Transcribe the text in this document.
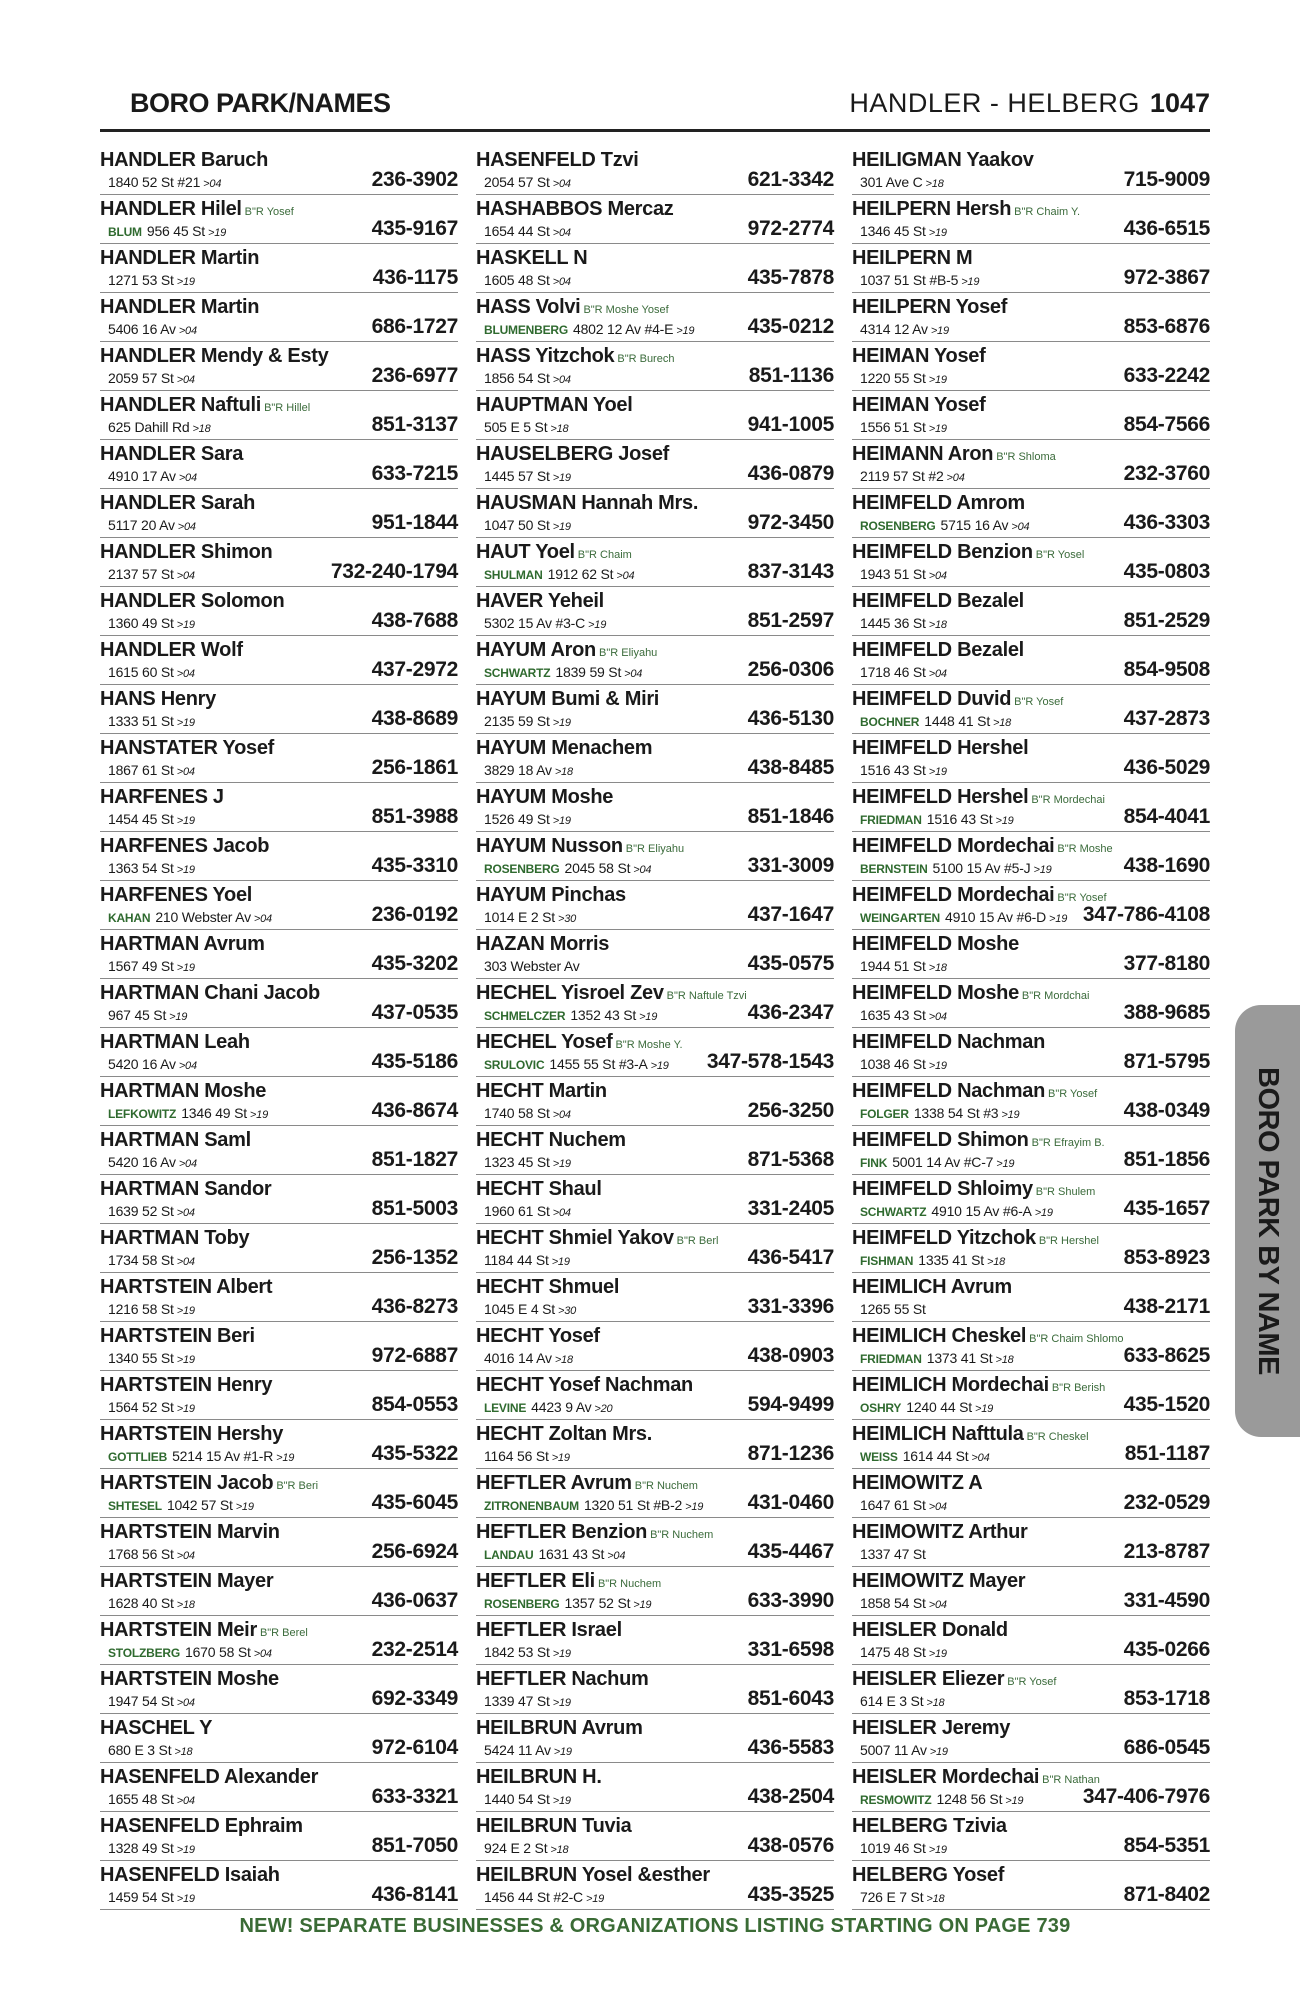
BORO PARK/NAMES	HANDLER - HELBERG 1047
HANDLER Baruch
1840 52 St #21 >04	236-3902
HANDLER Hilel B"R Yosef
BLUM 956 45 St >19	435-9167
HANDLER Martin
1271 53 St >19	436-1175
HANDLER Martin
5406 16 Av >04	686-1727
HANDLER Mendy & Esty
2059 57 St >04	236-6977
HANDLER Naftuli B"R Hillel
625 Dahill Rd >18	851-3137
HANDLER Sara
4910 17 Av >04	633-7215
HANDLER Sarah
5117 20 Av >04	951-1844
HANDLER Shimon
2137 57 St >04	732-240-1794
HANDLER Solomon
1360 49 St >19	438-7688
HANDLER Wolf
1615 60 St >04	437-2972
HANS Henry
1333 51 St >19	438-8689
HANSTATER Yosef
1867 61 St >04	256-1861
HARFENES J
1454 45 St >19	851-3988
HARFENES Jacob
1363 54 St >19	435-3310
HARFENES Yoel
KAHAN 210 Webster Av >04	236-0192
HARTMAN Avrum
1567 49 St >19	435-3202
HARTMAN Chani Jacob
967 45 St >19	437-0535
HARTMAN Leah
5420 16 Av >04	435-5186
HARTMAN Moshe
LEFKOWITZ 1346 49 St >19	436-8674
HARTMAN Saml
5420 16 Av >04	851-1827
HARTMAN Sandor
1639 52 St >04	851-5003
HARTMAN Toby
1734 58 St >04	256-1352
HARTSTEIN Albert
1216 58 St >19	436-8273
HARTSTEIN Beri
1340 55 St >19	972-6887
HARTSTEIN Henry
1564 52 St >19	854-0553
HARTSTEIN Hershy
GOTTLIEB 5214 15 Av #1-R >19	435-5322
HARTSTEIN Jacob B"R Beri
SHTESEL 1042 57 St >19	435-6045
HARTSTEIN Marvin
1768 56 St >04	256-6924
HARTSTEIN Mayer
1628 40 St >18	436-0637
HARTSTEIN Meir B"R Berel
STOLZBERG 1670 58 St >04	232-2514
HARTSTEIN Moshe
1947 54 St >04	692-3349
HASCHEL Y
680 E 3 St >18	972-6104
HASENFELD Alexander
1655 48 St >04	633-3321
HASENFELD Ephraim
1328 49 St >19	851-7050
HASENFELD Isaiah
1459 54 St >19	436-8141
HASENFELD Tzvi
2054 57 St >04	621-3342
HASHABBOS Mercaz
1654 44 St >04	972-2774
HASKELL N
1605 48 St >04	435-7878
HASS Volvi B"R Moshe Yosef
BLUMENBERG 4802 12 Av #4-E >19	435-0212
HASS Yitzchok B"R Burech
1856 54 St >04	851-1136
HAUPTMAN Yoel
505 E 5 St >18	941-1005
HAUSELBERG Josef
1445 57 St >19	436-0879
HAUSMAN Hannah Mrs.
1047 50 St >19	972-3450
HAUT Yoel B"R Chaim
SHULMAN 1912 62 St >04	837-3143
HAVER Yeheil
5302 15 Av #3-C >19	851-2597
HAYUM Aron B"R Eliyahu
SCHWARTZ 1839 59 St >04	256-0306
HAYUM Bumi & Miri
2135 59 St >19	436-5130
HAYUM Menachem
3829 18 Av >18	438-8485
HAYUM Moshe
1526 49 St >19	851-1846
HAYUM Nusson B"R Eliyahu
ROSENBERG 2045 58 St >04	331-3009
HAYUM Pinchas
1014 E 2 St >30	437-1647
HAZAN Morris
303 Webster Av	435-0575
HECHEL Yisroel Zev B"R Naftule Tzvi
SCHMELCZER 1352 43 St >19	436-2347
HECHEL Yosef B"R Moshe Y.
SRULOVIC 1455 55 St #3-A >19 347-578-1543
HECHT Martin
1740 58 St >04	256-3250
HECHT Nuchem
1323 45 St >19	871-5368
HECHT Shaul
1960 61 St >04	331-2405
HECHT Shmiel Yakov B"R Berl
1184 44 St >19	436-5417
HECHT Shmuel
1045 E 4 St >30	331-3396
HECHT Yosef
4016 14 Av >18	438-0903
HECHT Yosef Nachman
LEVINE 4423 9 Av >20	594-9499
HECHT Zoltan Mrs.
1164 56 St >19	871-1236
HEFTLER Avrum B"R Nuchem
ZITRONENBAUM 1320 51 St #B-2 >19 431-0460
HEFTLER Benzion B"R Nuchem
LANDAU 1631 43 St >04	435-4467
HEFTLER Eli B"R Nuchem
ROSENBERG 1357 52 St >19	633-3990
HEFTLER Israel
1842 53 St >19	331-6598
HEFTLER Nachum
1339 47 St >19	851-6043
HEILBRUN Avrum
5424 11 Av >19	436-5583
HEILBRUN H.
1440 54 St >19	438-2504
HEILBRUN Tuvia
924 E 2 St >18	438-0576
HEILBRUN Yosel &esther
1456 44 St #2-C >19	435-3525
HEILIGMAN Yaakov
301 Ave C >18	715-9009
HEILPERN Hersh B"R Chaim Y.
1346 45 St >19	436-6515
HEILPERN M
1037 51 St #B-5 >19	972-3867
HEILPERN Yosef
4314 12 Av >19	853-6876
HEIMAN Yosef
1220 55 St >19	633-2242
HEIMAN Yosef
1556 51 St >19	854-7566
HEIMANN Aron B"R Shloma
2119 57 St #2 >04	232-3760
HEIMFELD Amrom
ROSENBERG 5715 16 Av >04	436-3303
HEIMFELD Benzion B"R Yosel
1943 51 St >04	435-0803
HEIMFELD Bezalel
1445 36 St >18	851-2529
HEIMFELD Bezalel
1718 46 St >04	854-9508
HEIMFELD Duvid B"R Yosef
BOCHNER 1448 41 St >18	437-2873
HEIMFELD Hershel
1516 43 St >19	436-5029
HEIMFELD Hershel B"R Mordechai
FRIEDMAN 1516 43 St >19	854-4041
HEIMFELD Mordechai B"R Moshe
BERNSTEIN 5100 15 Av #5-J >19	438-1690
HEIMFELD Mordechai B"R Yosef
WEINGARTEN 4910 15 Av #6-D >19 347-786-4108
HEIMFELD Moshe
1944 51 St >18	377-8180
HEIMFELD Moshe B"R Mordchai
1635 43 St >04	388-9685
HEIMFELD Nachman
1038 46 St >19	871-5795
HEIMFELD Nachman B"R Yosef
FOLGER 1338 54 St #3 >19	438-0349
HEIMFELD Shimon B"R Efrayim B.
FINK 5001 14 Av #C-7 >19	851-1856
HEIMFELD Shloimy B"R Shulem
SCHWARTZ 4910 15 Av #6-A >19	435-1657
HEIMFELD Yitzchok B"R Hershel
FISHMAN 1335 41 St >18	853-8923
HEIMLICH Avrum
1265 55 St	438-2171
HEIMLICH Cheskel B"R Chaim Shlomo
FRIEDMAN 1373 41 St >18	633-8625
HEIMLICH Mordechai B"R Berish
OSHRY 1240 44 St >19	435-1520
HEIMLICH Nafttula B"R Cheskel
WEISS 1614 44 St >04	851-1187
HEIMOWITZ A
1647 61 St >04	232-0529
HEIMOWITZ Arthur
1337 47 St	213-8787
HEIMOWITZ Mayer
1858 54 St >04	331-4590
HEISLER Donald
1475 48 St >19	435-0266
HEISLER Eliezer B"R Yosef
614 E 3 St >18	853-1718
HEISLER Jeremy
5007 11 Av >19	686-0545
HEISLER Mordechai B"R Nathan
RESMOWITZ 1248 56 St >19	347-406-7976
HELBERG Tzivia
1019 46 St >19	854-5351
HELBERG Yosef
726 E 7 St >18	871-8402
BORO PARK BY NAME
NEW! SEPARATE BUSINESSES & ORGANIZATIONS LISTING STARTING ON PAGE 739
